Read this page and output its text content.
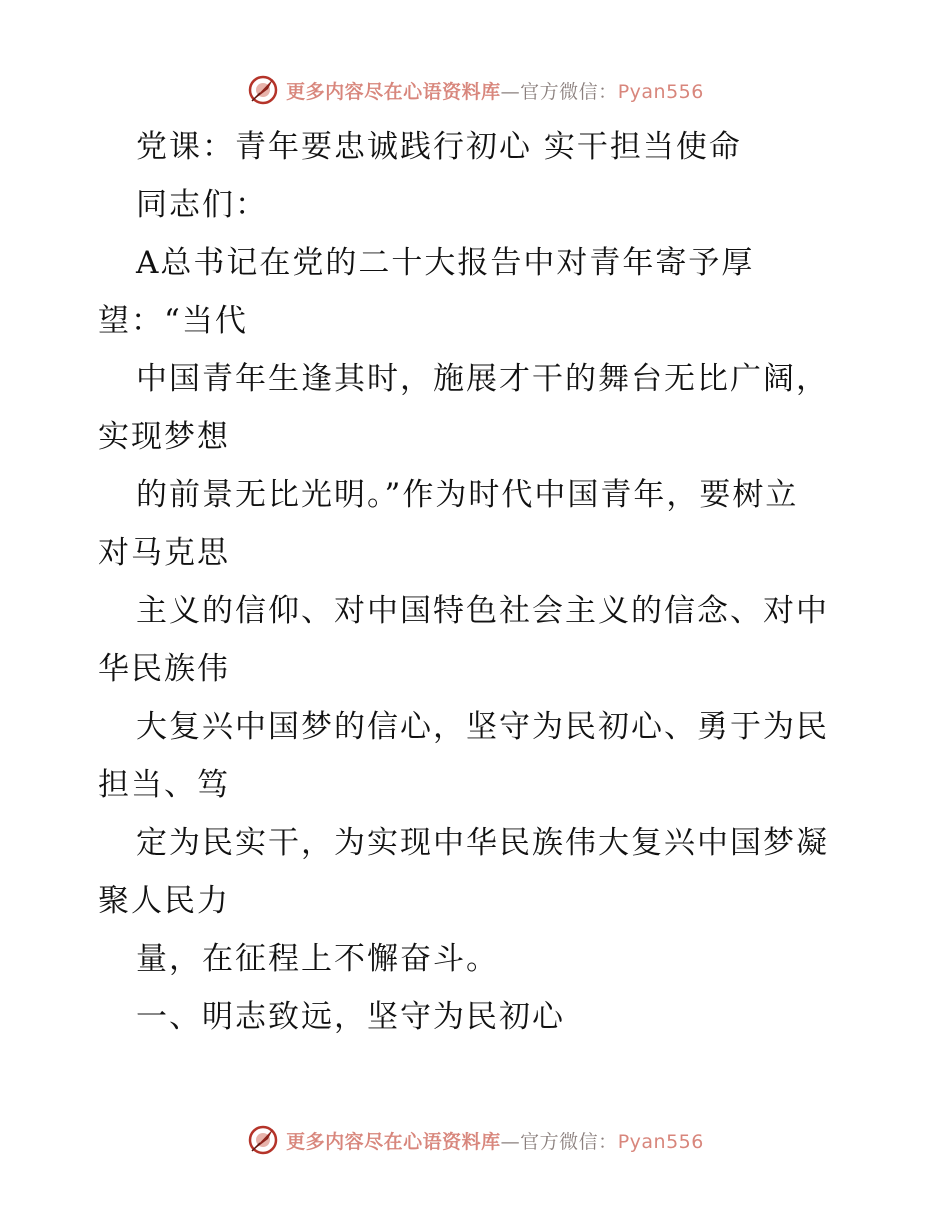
更多内容尽在心语资料库—官方微信：Pyan556
党课：青年要忠诚践行初心 实干担当使命
同志们：
A总书记在党的二十大报告中对青年寄予厚
望：“当代
中国青年生逢其时，施展才干的舞台无比广阔，
实现梦想
的前景无比光明。”作为时代中国青年，要树立
对马克思
主义的信仰、对中国特色社会主义的信念、对中
华民族伟
大复兴中国梦的信心，坚守为民初心、勇于为民
担当、笃
定为民实干，为实现中华民族伟大复兴中国梦凝
聚人民力
量，在征程上不懈奋斗。
一、明志致远，坚守为民初心
更多内容尽在心语资料库—官方微信：Pyan556
